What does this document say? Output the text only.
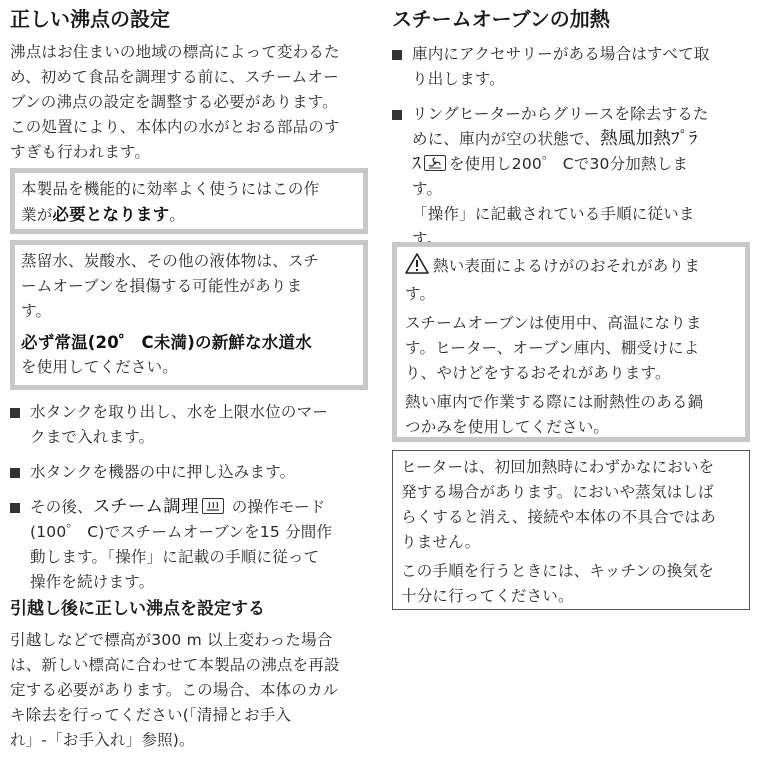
正しい沸点の設定

沸点はお住まいの地域の標高によって変わるた

め、初めて食品を調理する前に、スチームオー

ブンの沸点の設定を調整する必要があります。

この処置により、本体内の水がとおる部品のす

すぎも行われます。

本製品を機能的に効率よく使うにはこの作

業が必要となります。

蒸留水、炭酸水、その他の液体物は、スチ

ームオーブンを損傷する可能性がありま

す。

必ず常温(20゜ C未満)の新鮮な水道水

を使用してください。

水タンクを取り出し、水を上限水位のマー
クまで入れます。
水タンクを機器の中に押し込みます。
その後、スチーム調理
の操作モード
(100゜ C)でスチームオーブンを15 分間作
動します。「操作」に記載の手順に従って
操作を続けます。
引越し後に正しい沸点を設定する

引越しなどで標高が300 m 以上変わった場合

は、新しい標高に合わせて本製品の沸点を再設

定する必要があります。この場合、本体のカル

キ除去を行ってください(「清掃とお手入

れ」-「お手入れ」参照)。

スチームオーブンの加熱
庫内にアクセサリーがある場合はすべて取
り出します。
リングヒーターからグリースを除去するた
めに、庫内が空の状態で、熱風加熱ﾌﾟﾗ
ｽ を使用し200゜ Cで30分加熱しま
す。
「操作」に記載されている手順に従いま
す。

熱い表面によるけがのおそれがありま

す。

スチームオーブンは使用中、高温になりま

す。ヒーター、オーブン庫内、棚受けによ

り、やけどをするおそれがあります。

熱い庫内で作業する際には耐熱性のある鍋

つかみを使用してください。

ヒーターは、初回加熱時にわずかなにおいを

発する場合があります。においや蒸気はしば

らくすると消え、接続や本体の不具合ではあ

りません。

この手順を行うときには、キッチンの換気を

十分に行ってください。
